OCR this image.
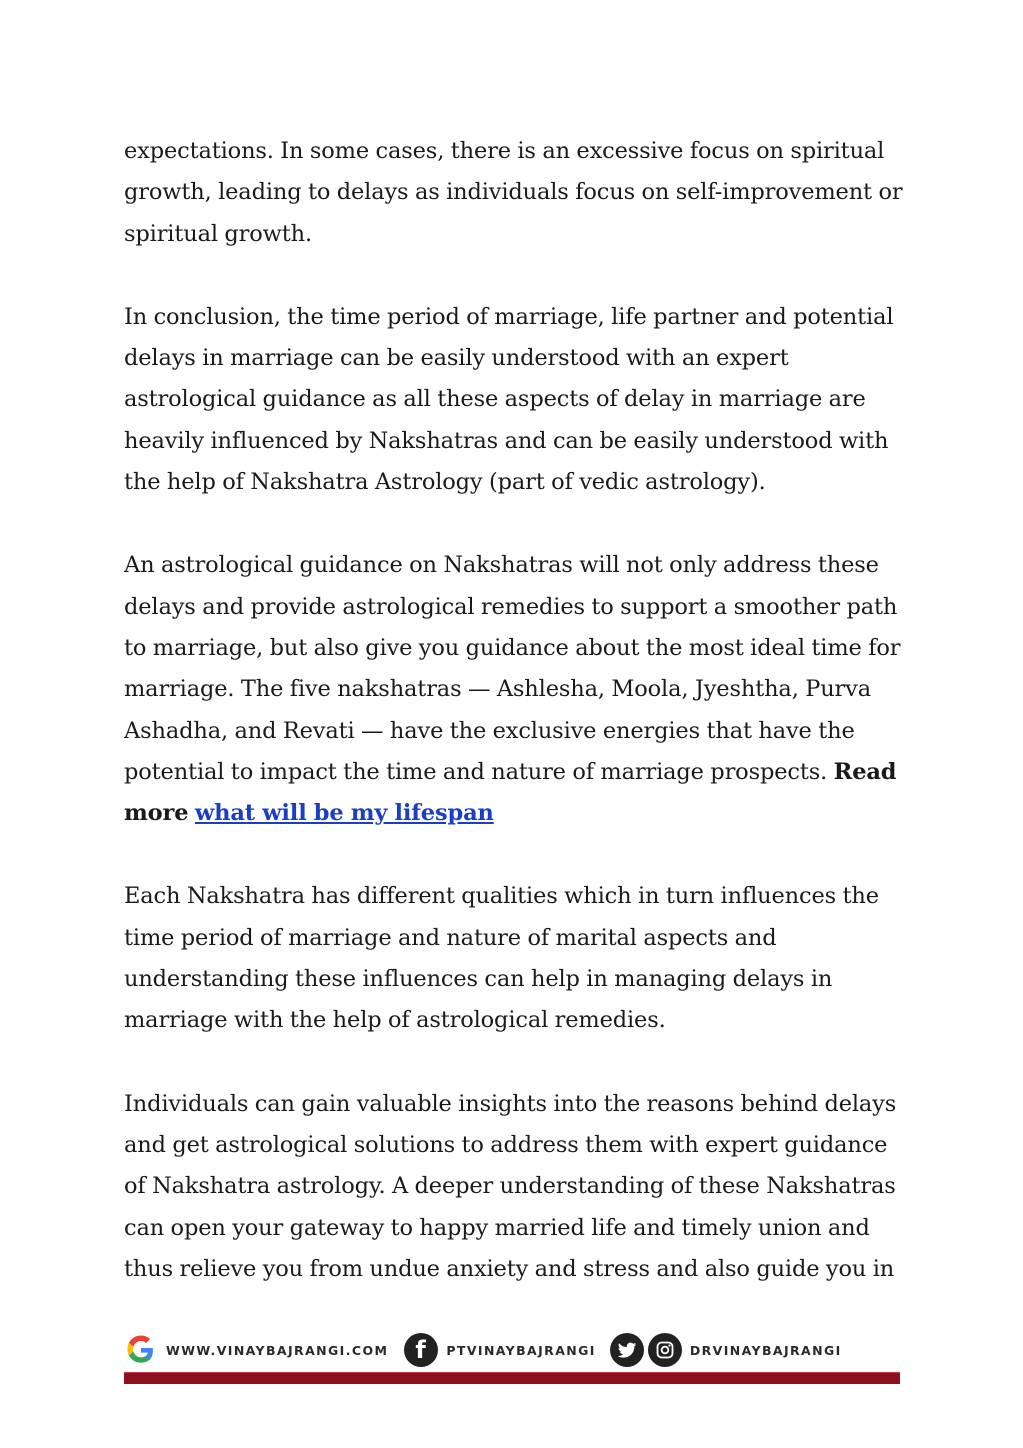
expectations. In some cases, there is an excessive focus on spiritual growth, leading to delays as individuals focus on self-improvement or spiritual growth.

In conclusion, the time period of marriage, life partner and potential delays in marriage can be easily understood with an expert astrological guidance as all these aspects of delay in marriage are heavily influenced by Nakshatras and can be easily understood with the help of Nakshatra Astrology (part of vedic astrology).

An astrological guidance on Nakshatras will not only address these delays and provide astrological remedies to support a smoother path to marriage, but also give you guidance about the most ideal time for marriage. The five nakshatras — Ashlesha, Moola, Jyeshtha, Purva Ashadha, and Revati — have the exclusive energies that have the potential to impact the time and nature of marriage prospects. Read more what will be my lifespan

Each Nakshatra has different qualities which in turn influences the time period of marriage and nature of marital aspects and understanding these influences can help in managing delays in marriage with the help of astrological remedies.

Individuals can gain valuable insights into the reasons behind delays and get astrological solutions to address them with expert guidance of Nakshatra astrology. A deeper understanding of these Nakshatras can open your gateway to happy married life and timely union and thus relieve you from undue anxiety and stress and also guide you in

WWW.VINAYBAJRANGI.COM	f	PTVINAYBAJRANGI	DRVINAYBAJRANGI
